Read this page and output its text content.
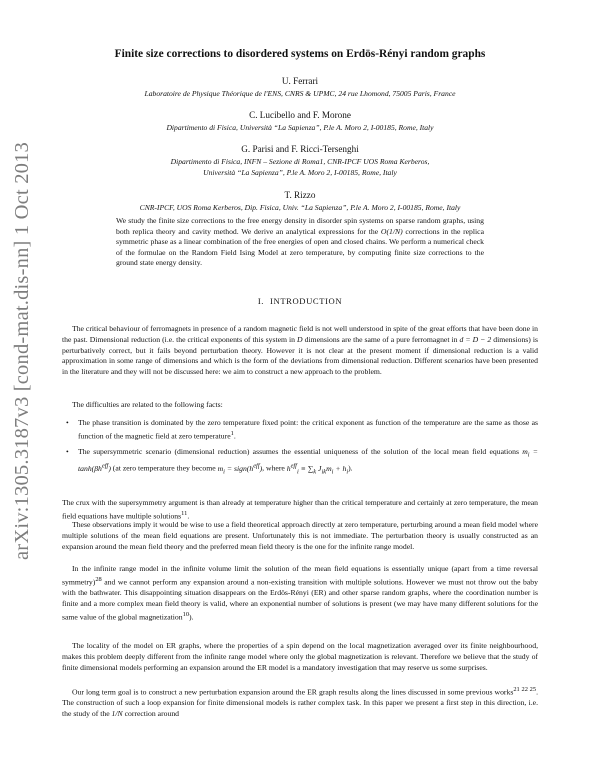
arXiv:1305.3187v3 [cond-mat.dis-nn] 1 Oct 2013
Finite size corrections to disordered systems on Erdös-Rényi random graphs
U. Ferrari
Laboratoire de Physique Théorique de l'ENS, CNRS & UPMC, 24 rue Lhomond, 75005 Paris, France
C. Lucibello and F. Morone
Dipartimento di Fisica, Università “La Sapienza”, P.le A. Moro 2, I-00185, Rome, Italy
G. Parisi and F. Ricci-Tersenghi
Dipartimento di Fisica, INFN – Sezione di Roma1, CNR-IPCF UOS Roma Kerberos,
Università “La Sapienza”, P.le A. Moro 2, I-00185, Rome, Italy
T. Rizzo
CNR-IPCF, UOS Roma Kerberos, Dip. Fisica, Univ. “La Sapienza”, P.le A. Moro 2, I-00185, Rome, Italy

We study the finite size corrections to the free energy density in disorder spin systems on sparse random graphs, using both replica theory and cavity method. We derive an analytical expressions for the O(1/N) corrections in the replica symmetric phase as a linear combination of the free energies of open and closed chains. We perform a numerical check of the formulae on the Random Field Ising Model at zero temperature, by computing finite size corrections to the ground state energy density.

I. INTRODUCTION

The critical behaviour of ferromagnets in presence of a random magnetic field is not well understood in spite of the great efforts that have been done in the past. Dimensional reduction (i.e. the critical exponents of this system in D dimensions are the same of a pure ferromagnet in d = D − 2 dimensions) is perturbatively correct, but it fails beyond perturbation theory. However it is not clear at the present moment if dimensional reduction is a valid approximation in some range of dimensions and which is the form of the deviations from dimensional reduction. Different scenarios have been presented in the literature and they will not be discussed here: we aim to construct a new approach to the problem.

The difficulties are related to the following facts:

• The phase transition is dominated by the zero temperature fixed point: the critical exponent as function of the temperature are the same as those as function of the magnetic field at zero temperature$^1$.
• The supersymmetric scenario (dimensional reduction) assumes the essential uniqueness of the solution of the local mean field equations $m_i = \tanh(\beta h^{eff})$ (at zero temperature they become $m_i$ = $sign(h^{eff})$, where $h^{eff}_i \equiv \sum_k$ $J_{ik}m_i + h_i$).

The crux with the supersymmetry argument is than already at temperature higher than the critical temperature and certainly at zero temperature, the mean field equations have multiple solutions$^{11}$.

These observations imply it would be wise to use a field theoretical approach directly at zero temperature, perturbing around a mean field model where multiple solutions of the mean field equations are present. Unfortunately this is not immediate. The perturbation theory is usually constructed as an expansion around the mean field theory and the preferred mean field theory is the one for the infinite range model.

In the infinite range model in the infinite volume limit the solution of the mean field equations is essentially unique (apart from a time reversal symmetry)$^{28}$ and we cannot perform any expansion around a non-existing transition with multiple solutions. However we must not throw out the baby with the bathwater. This disappointing situation disappears on the Erdös-Rényi (ER) and other sparse random graphs, where the coordination number is finite and a more complex mean field theory is valid, where an exponential number of solutions is present (we may have many different solutions for the same value of the global magnetization$^{10}$).

The locality of the model on ER graphs, where the properties of a spin depend on the local magnetization averaged over its finite neighbourhood, makes this problem deeply different from the infinite range model where only the global magnetization is relevant. Therefore we believe that the study of finite dimensional models performing an expansion around the ER model is a mandatory investigation that may reserve us some surprises.

Our long term goal is to construct a new perturbation expansion around the ER graph results along the lines discussed in some previous works$^{21 22 25}$. The construction of such a loop expansion for finite dimensional models is rather complex task. In this paper we present a first step in this direction, i.e. the study of the 1/N correction around
